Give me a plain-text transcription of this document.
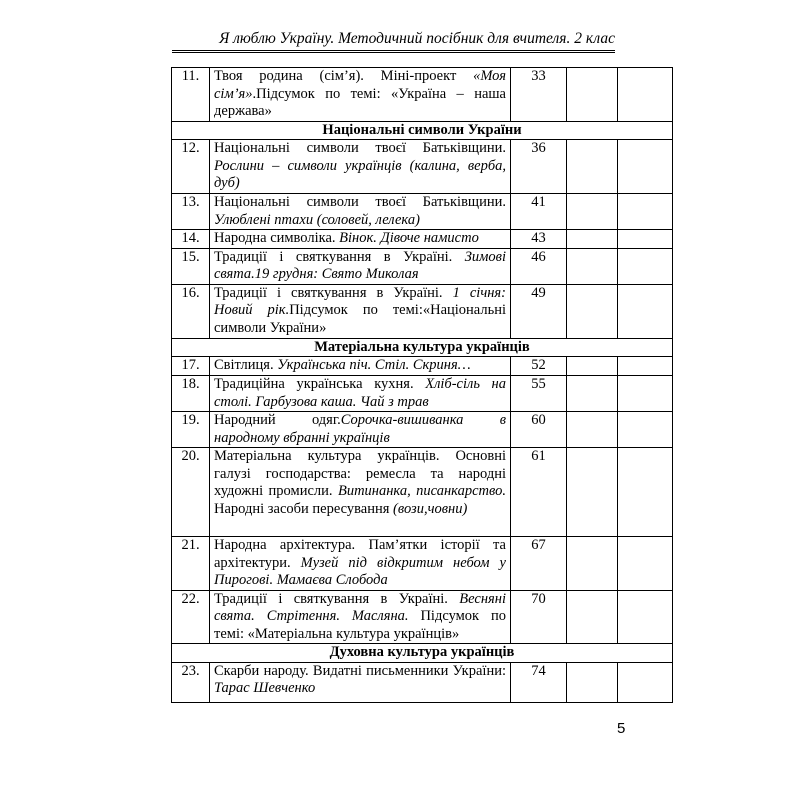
Я люблю Україну. Методичний посібник для вчителя. 2 клас
11.	Твоя родина (сім’я). Міні-проект «Моя сім’я».Підсумок по темі: «Україна – наша держава»	33		
Національні символи України				
12.	Національні символи твоєї Батьківщини. Рослини – символи українців (калина, верба, дуб)	36		
13.	Національні символи твоєї Батьківщини. Улюблені птахи (соловей, лелека)	41		
14.	Народна символіка. Вінок. Дівоче намисто	43		
15.	Традиції і святкування в Україні. Зимові свята.19 грудня: Свято Миколая	46		
16.	Традиції і святкування в Україні. 1 січня: Новий рік.Підсумок по темі:«Національні символи України»	49		
Матеріальна культура українців				
17.	Світлиця. Українська піч. Стіл. Скриня…	52		
18.	Традиційна українська кухня. Хліб-сіль на столі. Гарбузова каша. Чай з трав	55		
19.	Народний одяг.Сорочка-вишиванка в народному вбранні українців	60		
20.	Матеріальна культура українців. Основні галузі господарства: ремесла та народні художні промисли. Витинанка, писанкарство. Народні засоби пересування (вози,човни)	61		
21.	Народна архітектура. Пам’ятки історії та архітектури. Музей під відкритим небом у Пирогові. Мамаєва Слобода	67		
22.	Традиції і святкування в Україні. Весняні свята. Стрітення. Масляна. Підсумок по темі: «Матеріальна культура українців»	70		
Духовна культура українців				
23.	Скарби народу. Видатні письменники України: Тарас Шевченко	74		
5
